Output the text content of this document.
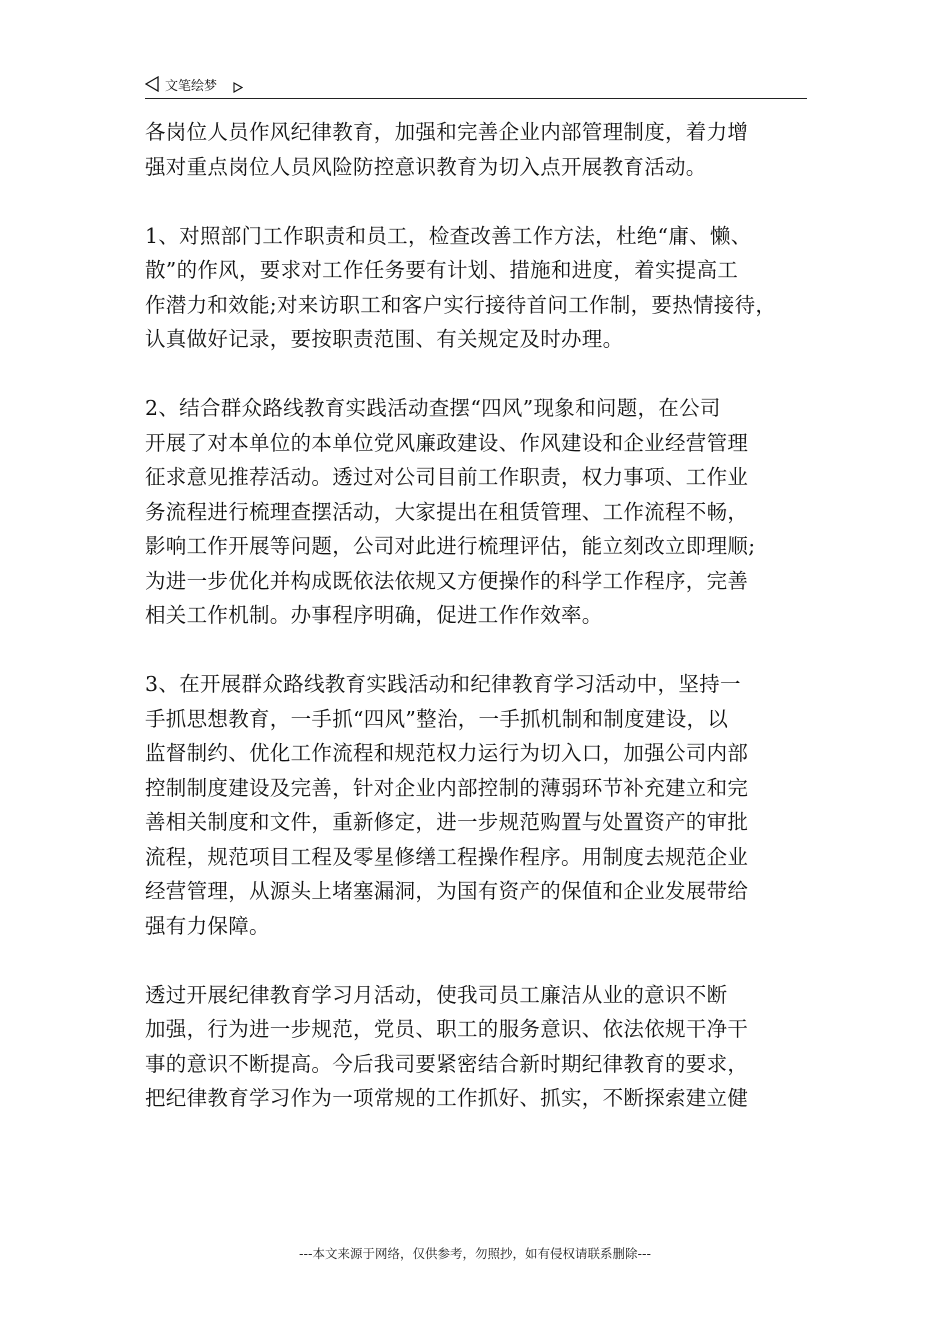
文笔绘梦
各岗位人员作风纪律教育，加强和完善企业内部管理制度，着力增
强对重点岗位人员风险防控意识教育为切入点开展教育活动。
1、对照部门工作职责和员工，检查改善工作方法，杜绝“庸、懒、
散”的作风，要求对工作任务要有计划、措施和进度，着实提高工
作潜力和效能;对来访职工和客户实行接待首问工作制，要热情接待，
认真做好记录，要按职责范围、有关规定及时办理。
2、结合群众路线教育实践活动查摆“四风”现象和问题，在公司
开展了对本单位的本单位党风廉政建设、作风建设和企业经营管理
征求意见推荐活动。透过对公司目前工作职责，权力事项、工作业
务流程进行梳理查摆活动，大家提出在租赁管理、工作流程不畅，
影响工作开展等问题，公司对此进行梳理评估，能立刻改立即理顺;
为进一步优化并构成既依法依规又方便操作的科学工作程序，完善
相关工作机制。办事程序明确，促进工作作效率。
3、在开展群众路线教育实践活动和纪律教育学习活动中，坚持一
手抓思想教育，一手抓“四风”整治，一手抓机制和制度建设，以
监督制约、优化工作流程和规范权力运行为切入口，加强公司内部
控制制度建设及完善，针对企业内部控制的薄弱环节补充建立和完
善相关制度和文件，重新修定，进一步规范购置与处置资产的审批
流程，规范项目工程及零星修缮工程操作程序。用制度去规范企业
经营管理，从源头上堵塞漏洞，为国有资产的保值和企业发展带给
强有力保障。
透过开展纪律教育学习月活动，使我司员工廉洁从业的意识不断
加强，行为进一步规范，党员、职工的服务意识、依法依规干净干
事的意识不断提高。今后我司要紧密结合新时期纪律教育的要求，
把纪律教育学习作为一项常规的工作抓好、抓实，不断探索建立健
---本文来源于网络，仅供参考，勿照抄，如有侵权请联系删除---
